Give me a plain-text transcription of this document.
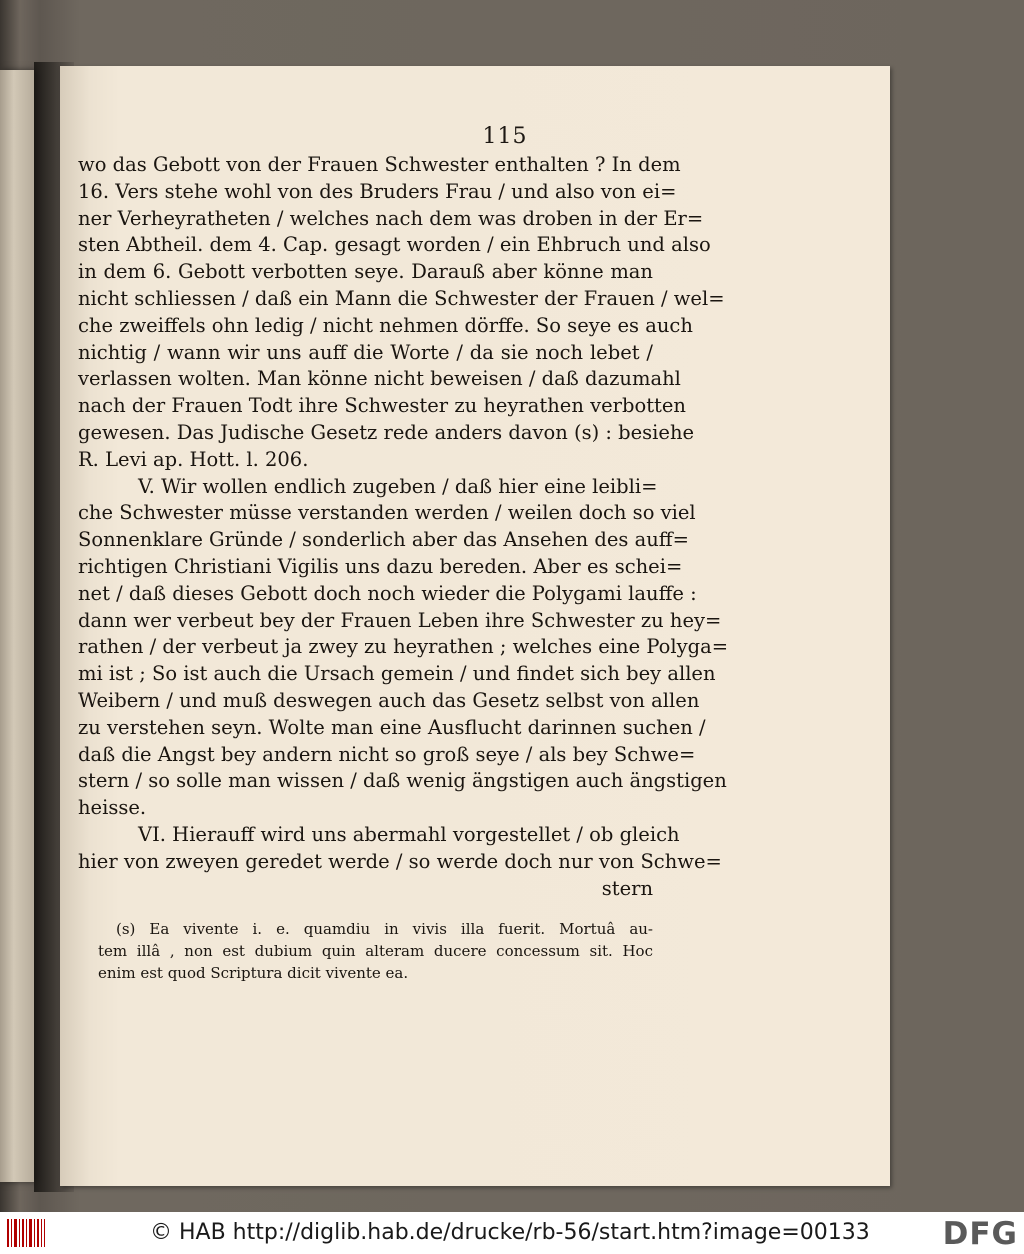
115
wo das Gebott von der Frauen Schwester enthalten ? In dem
16. Vers stehe wohl von des Bruders Frau / und also von ei=
ner Verheyratheten / welches nach dem was droben in der Er=
sten Abtheil. dem 4. Cap. gesagt worden / ein Ehbruch und also
in dem 6. Gebott verbotten seye. Darauß aber könne man
nicht schliessen / daß ein Mann die Schwester der Frauen / wel=
che zweiffels ohn ledig / nicht nehmen dörffe. So seye es auch
nichtig / wann wir uns auff die Worte / da sie noch lebet /
verlassen wolten. Man könne nicht beweisen / daß dazumahl
nach der Frauen Todt ihre Schwester zu heyrathen verbotten
gewesen. Das Judische Gesetz rede anders davon (s) : besiehe
R. Levi ap. Hott. l. 206.
V. Wir wollen endlich zugeben / daß hier eine leibli=
che Schwester müsse verstanden werden / weilen doch so viel
Sonnenklare Gründe / sonderlich aber das Ansehen des auff=
richtigen Christiani Vigilis uns dazu bereden. Aber es schei=
net / daß dieses Gebott doch noch wieder die Polygami lauffe :
dann wer verbeut bey der Frauen Leben ihre Schwester zu hey=
rathen / der verbeut ja zwey zu heyrathen ; welches eine Polyga=
mi ist ; So ist auch die Ursach gemein / und findet sich bey allen
Weibern / und muß deswegen auch das Gesetz selbst von allen
zu verstehen seyn. Wolte man eine Ausflucht darinnen suchen /
daß die Angst bey andern nicht so groß seye / als bey Schwe=
stern / so solle man wissen / daß wenig ängstigen auch ängstigen
heisse.
VI. Hierauff wird uns abermahl vorgestellet / ob gleich
hier von zweyen geredet werde / so werde doch nur von Schwe=
stern
(s) Ea vivente i. e. quamdiu in vivis illa fuerit. Mortuâ au-
tem illâ , non est dubium quin alteram ducere concessum sit. Hoc
enim est quod Scriptura dicit vivente ea.
© HAB http://diglib.hab.de/drucke/rb-56/start.htm?image=00133 DFG
